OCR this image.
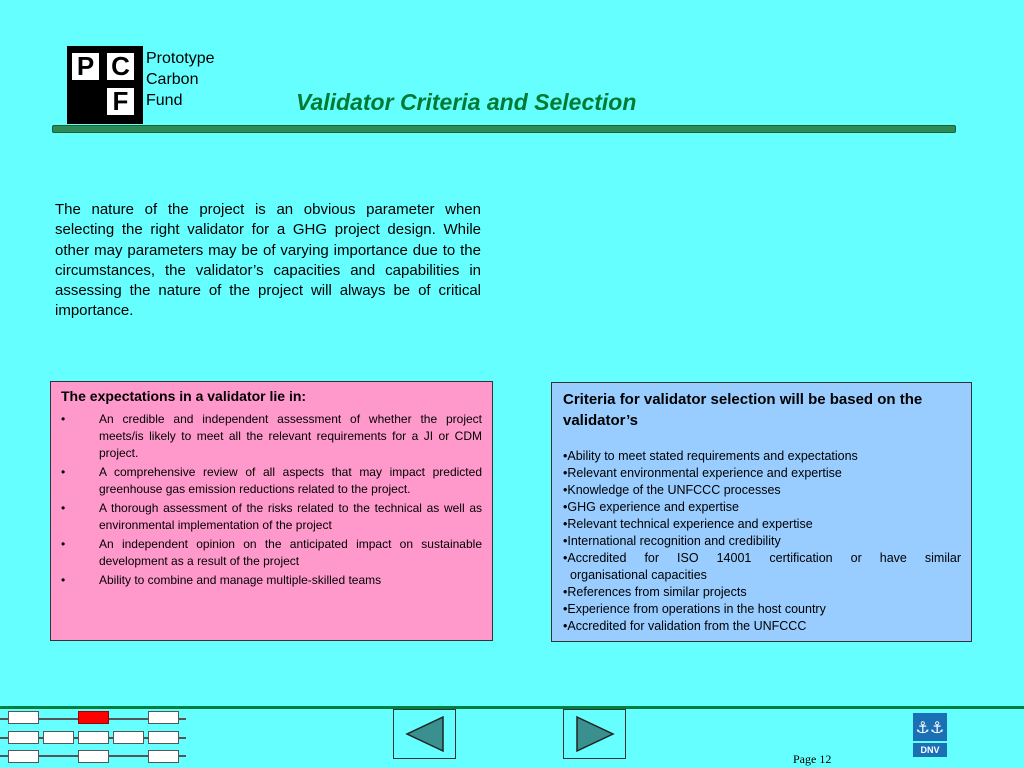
P C
F
Prototype
Carbon
Fund	Validator Criteria and Selection
The nature of the project is an obvious parameter when selecting the right validator for a GHG project design. While other may parameters may be of varying importance due to the circumstances, the validator’s capacities and capabilities in assessing the nature of the project will always be of critical importance.
The expectations in a validator lie in:
•	An credible and independent assessment of whether the project meets/is likely to meet all the relevant requirements for a JI or CDM project.
•	A comprehensive review of all aspects that may impact predicted greenhouse gas emission reductions related to the project.
•	A thorough assessment of the risks related to the technical as well as environmental implementation of the project
•	An independent opinion on the anticipated impact on sustainable development as a result of the project
•	Ability to combine and manage multiple-skilled teams
Criteria for validator selection will be based on the validator’s
•Ability to meet stated requirements and expectations
•Relevant environmental experience and expertise
•Knowledge of the UNFCCC processes
•GHG experience and expertise
•Relevant technical experience and expertise
•International recognition and credibility
•Accredited for ISO 14001 certification or have similar
organisational capacities
•References from similar projects
•Experience from operations in the host country
•Accredited for validation from the UNFCCC
⚓⚓
DNV
Page 12
